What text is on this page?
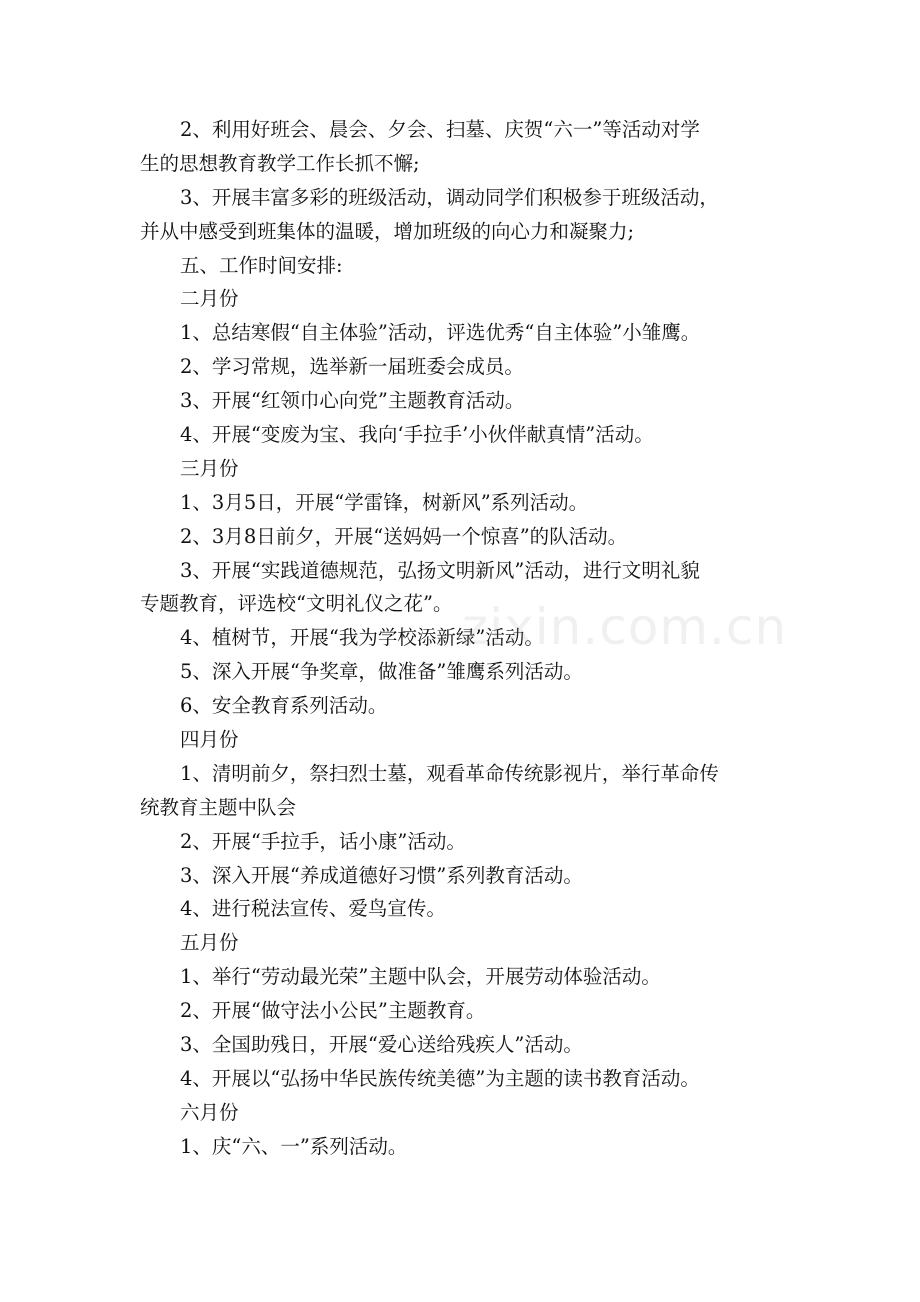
2、利用好班会、晨会、夕会、扫墓、庆贺“六一”等活动对学
生的思想教育教学工作长抓不懈;
3、开展丰富多彩的班级活动，调动同学们积极参于班级活动，
并从中感受到班集体的温暖，增加班级的向心力和凝聚力;
五、工作时间安排:
二月份
1、总结寒假“自主体验”活动，评选优秀“自主体验”小雏鹰。
2、学习常规，选举新一届班委会成员。
3、开展“红领巾心向党”主题教育活动。
4、开展“变废为宝、我向‘手拉手’小伙伴献真情”活动。
三月份
1、3月5日，开展“学雷锋，树新风”系列活动。
2、3月8日前夕，开展“送妈妈一个惊喜”的队活动。
3、开展“实践道德规范，弘扬文明新风”活动，进行文明礼貌
专题教育，评选校“文明礼仪之花”。
4、植树节，开展“我为学校添新绿”活动。
5、深入开展“争奖章，做准备”雏鹰系列活动。
6、安全教育系列活动。
四月份
1、清明前夕，祭扫烈士墓，观看革命传统影视片，举行革命传
统教育主题中队会
2、开展“手拉手，话小康”活动。
3、深入开展“养成道德好习惯”系列教育活动。
4、进行税法宣传、爱鸟宣传。
五月份
1、举行“劳动最光荣”主题中队会，开展劳动体验活动。
2、开展“做守法小公民”主题教育。
3、全国助残日，开展“爱心送给残疾人”活动。
4、开展以“弘扬中华民族传统美德”为主题的读书教育活动。
六月份
1、庆“六、一”系列活动。
zixin.com.cn
